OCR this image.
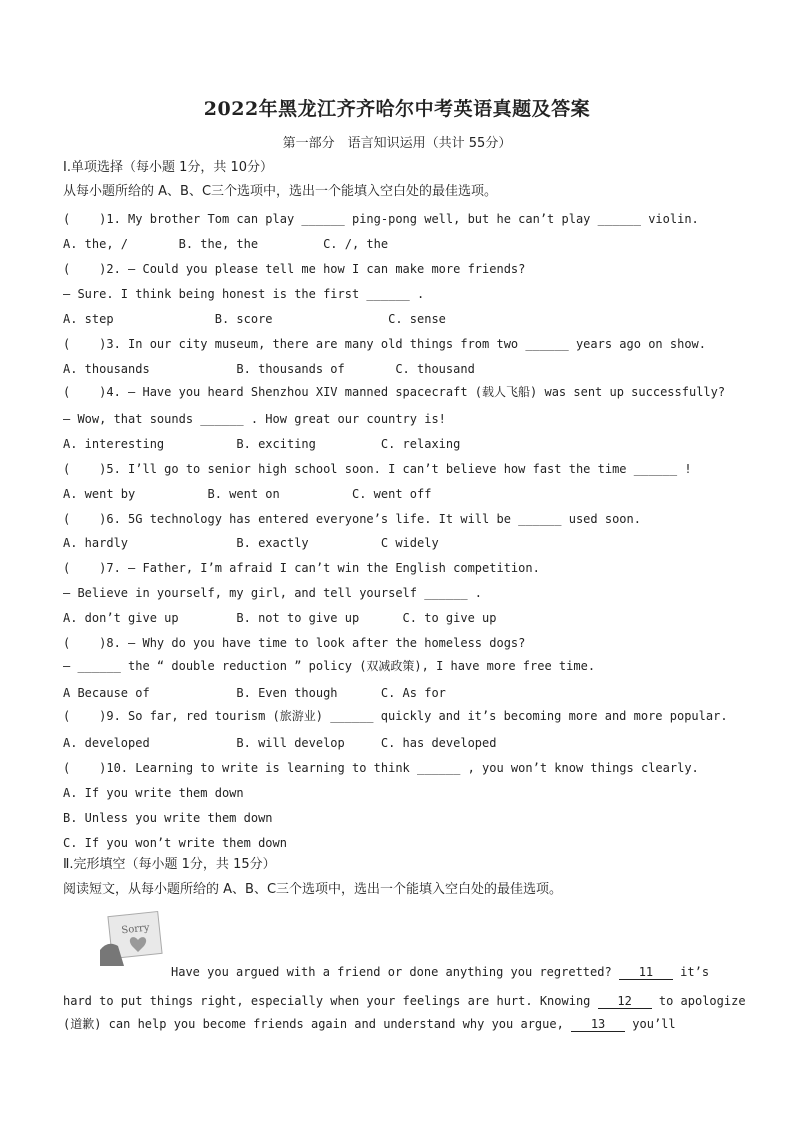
2022年黑龙江齐齐哈尔中考英语真题及答案
第一部分　语言知识运用（共计 55分）
Ⅰ.单项选择（每小题 1分，共 10分）
从每小题所给的 A、B、C三个选项中，选出一个能填入空白处的最佳选项。
(    )1. My brother Tom can play ______ ping-pong well, but he can’t play ______ violin.
A. the, /       B. the, the         C. /, the
(    )2. — Could you please tell me how I can make more friends?
— Sure. I think being honest is the first ______ .
A. step              B. score                C. sense
(    )3. In our city museum, there are many old things from two ______ years ago on show.
A. thousands            B. thousands of       C. thousand
(    )4. — Have you heard Shenzhou XIV manned spacecraft (载人飞船) was sent up successfully?
— Wow, that sounds ______ . How great our country is!
A. interesting          B. exciting         C. relaxing
(    )5. I’ll go to senior high school soon. I can’t believe how fast the time ______ !
A. went by          B. went on          C. went off
(    )6. 5G technology has entered everyone’s life. It will be ______ used soon.
A. hardly               B. exactly          C widely
(    )7. — Father, I’m afraid I can’t win the English competition.
— Believe in yourself, my girl, and tell yourself ______ .
A. don’t give up        B. not to give up      C. to give up
(    )8. — Why do you have time to look after the homeless dogs?
— ______ the “ double reduction ” policy (双减政策), I have more free time.
A Because of            B. Even though      C. As for
(    )9. So far, red tourism (旅游业) ______ quickly and it’s becoming more and more popular.
A. developed            B. will develop     C. has developed
(    )10. Learning to write is learning to think ______ , you won’t know things clearly.
A. If you write them down
B. Unless you write them down
C. If you won’t write them down
Ⅱ.完形填空（每小题 1分，共 15分）
阅读短文，从每小题所给的 A、B、C三个选项中，选出一个能填入空白处的最佳选项。
Sorry
Have you argued with a friend or done anything you regretted? 11 it’s
hard to put things right, especially when your feelings are hurt. Knowing 12 to apologize
(道歉) can help you become friends again and understand why you argue, 13 you’ll
